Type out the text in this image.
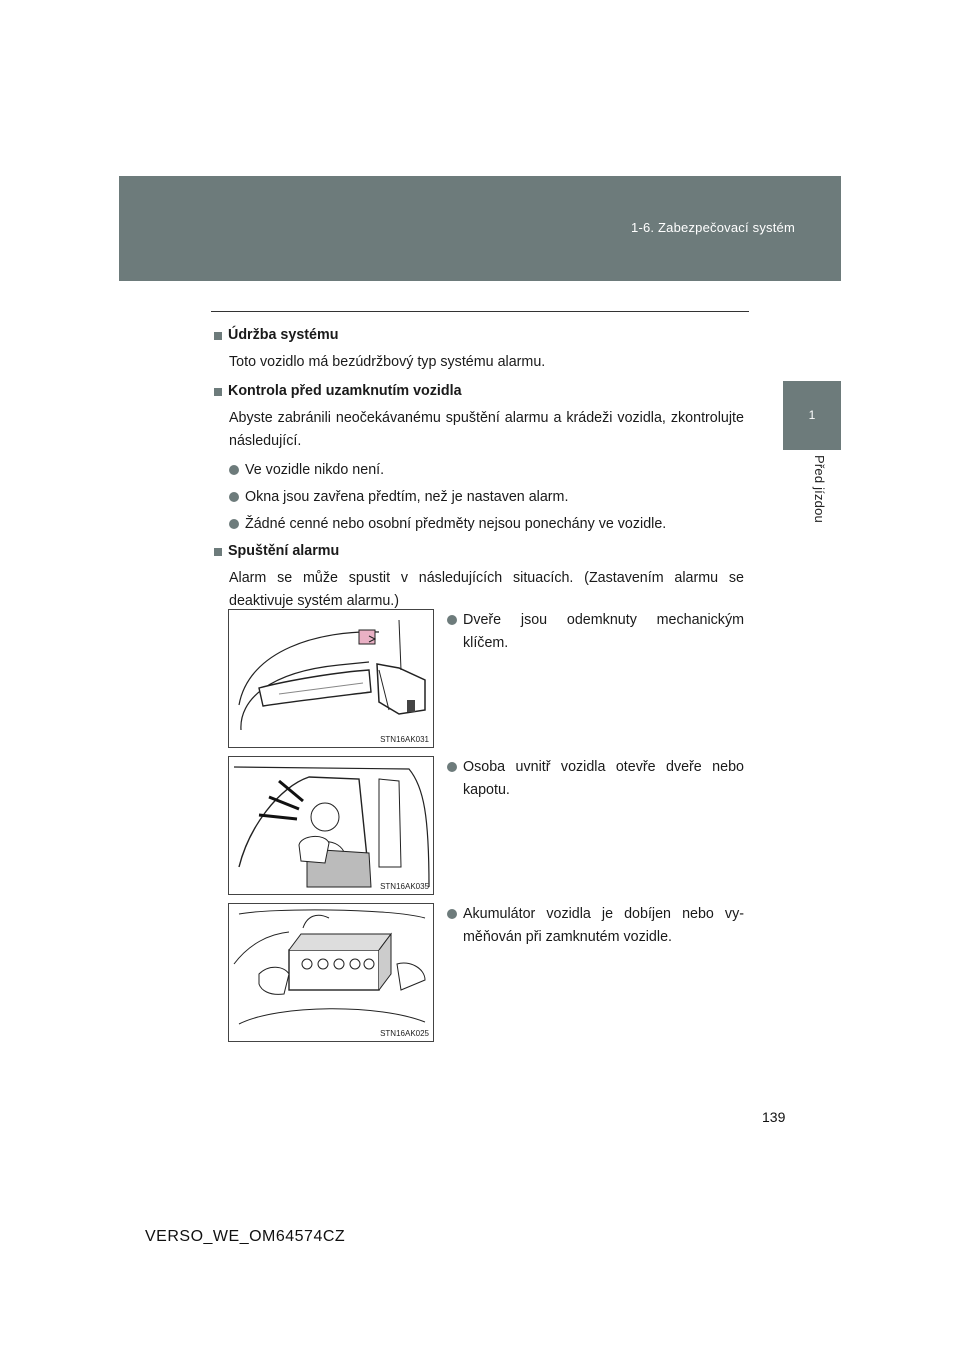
1-6. Zabezpečovací systém
1
Před jízdou
Údržba systému

Toto vozidlo má bezúdržbový typ systému alarmu.

Kontrola před uzamknutím vozidla

Abyste zabránili neočekávanému spuštění alarmu a krádeži vozidla, zkontrolujte následující.

Ve vozidle nikdo není.
Okna jsou zavřena předtím, než je nastaven alarm.
Žádné cenné nebo osobní předměty nejsou ponechány ve vozidle.
Spuštění alarmu

Alarm se může spustit v následujících situacích. (Zastavením alarmu se deaktivuje systém alarmu.)

STN16AK031
Dveře jsou odemknuty mechanickým klíčem.
STN16AK035
Osoba uvnitř vozidla otevře dveře nebo kapotu.
STN16AK025
Akumulátor vozidla je dobíjen nebo vyměňován při zamknutém vozidle.
139
VERSO_WE_OM64574CZ
